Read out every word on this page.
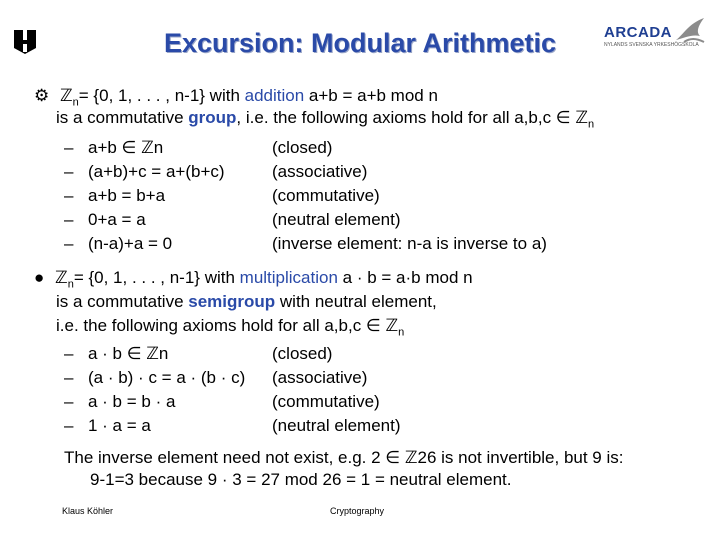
Excursion: Modular Arithmetic	ARCADA
NYLANDS SVENSKA YRKESHÖGSKOLA
⚙ ℤ$_n$= {0, 1, . . . , n-1} with addition a+b = a+b mod n
is a commutative group, i.e. the following axioms hold for all a,b,c ∈ ℤ$_n$
– a+b ∈ ℤn	(closed)
– (a+b)+c = a+(b+c)	(associative)
– a+b = b+a	(commutative)
– 0+a = a	(neutral element)
– (n-a)+a = 0	(inverse element: n-a is inverse to a)
● ℤ$_n$= {0, 1, . . . , n-1} with multiplication a · b = a·b mod n
is a commutative semigroup with neutral element,
i.e. the following axioms hold for all a,b,c ∈ ℤ$_n$
– a · b ∈ ℤn	(closed)
– (a · b) · c = a · (b · c) (associative)
– a · b = b · a	(commutative)
– 1 · a = a	(neutral element)
The inverse element need not exist, e.g. 2 ∈ ℤ26 is not invertible, but 9 is:
9-1=3 because 9 · 3 = 27 mod 26 = 1 = neutral element.
Klaus Köhler	Cryptography
